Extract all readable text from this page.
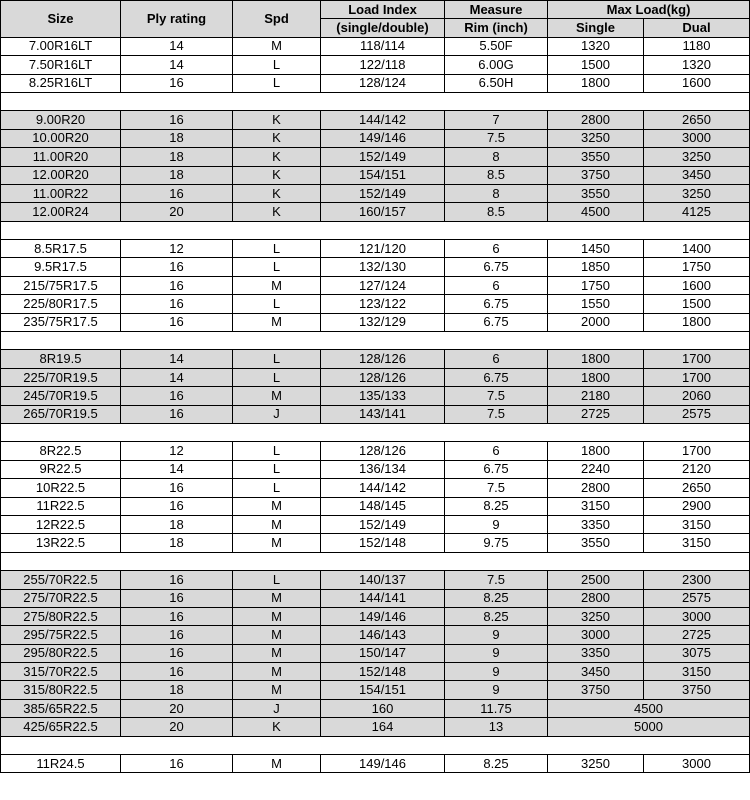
Size	Ply rating	Spd	Load Index	Measure	Max Load(kg)	
			(single/double)	Rim (inch)	Single	Dual
7.00R16LT	14	M	118/114	5.50F	1320	1180
7.50R16LT	14	L	122/118	6.00G	1500	1320
8.25R16LT	16	L	128/124	6.50H	1800	1600

9.00R20	16	K	144/142	7	2800	2650
10.00R20	18	K	149/146	7.5	3250	3000
11.00R20	18	K	152/149	8	3550	3250
12.00R20	18	K	154/151	8.5	3750	3450
11.00R22	16	K	152/149	8	3550	3250
12.00R24	20	K	160/157	8.5	4500	4125

8.5R17.5	12	L	121/120	6	1450	1400
9.5R17.5	16	L	132/130	6.75	1850	1750
215/75R17.5	16	M	127/124	6	1750	1600
225/80R17.5	16	L	123/122	6.75	1550	1500
235/75R17.5	16	M	132/129	6.75	2000	1800

8R19.5	14	L	128/126	6	1800	1700
225/70R19.5	14	L	128/126	6.75	1800	1700
245/70R19.5	16	M	135/133	7.5	2180	2060
265/70R19.5	16	J	143/141	7.5	2725	2575

8R22.5	12	L	128/126	6	1800	1700
9R22.5	14	L	136/134	6.75	2240	2120
10R22.5	16	L	144/142	7.5	2800	2650
11R22.5	16	M	148/145	8.25	3150	2900
12R22.5	18	M	152/149	9	3350	3150
13R22.5	18	M	152/148	9.75	3550	3150

255/70R22.5	16	L	140/137	7.5	2500	2300
275/70R22.5	16	M	144/141	8.25	2800	2575
275/80R22.5	16	M	149/146	8.25	3250	3000
295/75R22.5	16	M	146/143	9	3000	2725
295/80R22.5	16	M	150/147	9	3350	3075
315/70R22.5	16	M	152/148	9	3450	3150
315/80R22.5	18	M	154/151	9	3750	3750
385/65R22.5	20	J	160	11.75	4500	
425/65R22.5	20	K	164	13	5000	

11R24.5	16	M	149/146	8.25	3250	3000
